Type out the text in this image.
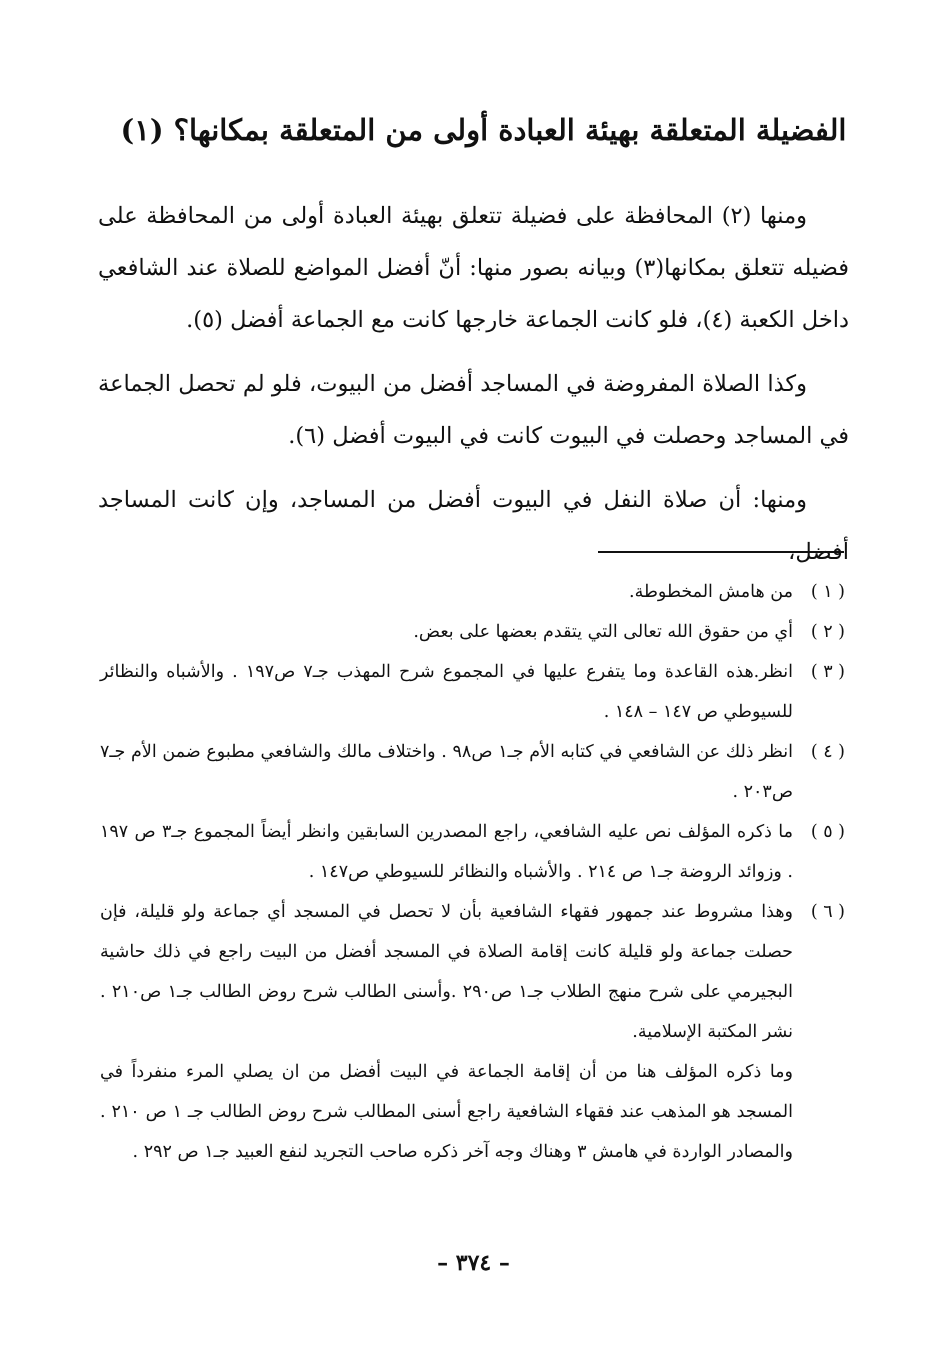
الفضيلة المتعلقة بهيئة العبادة أولى من المتعلقة بمكانها؟ (١)

ومنها (٢) المحافظة على فضيلة تتعلق بهيئة العبادة أولى من المحافظة على فضيله تتعلق بمكانها(٣) وبيانه بصور منها: أنّ أفضل المواضع للصلاة عند الشافعي داخل الكعبة (٤)، فلو كانت الجماعة خارجها كانت مع الجماعة أفضل (٥).

وكذا الصلاة المفروضة في المساجد أفضل من البيوت، فلو لم تحصل الجماعة في المساجد وحصلت في البيوت كانت في البيوت أفضل (٦).

ومنها: أن صلاة النفل في البيوت أفضل من المساجد، وإن كانت المساجد أفضل،

( ١ )
من هامش المخطوطة.
( ٢ )
أي من حقوق الله تعالى التي يتقدم بعضها على بعض.
( ٣ )
انظر.هذه القاعدة وما يتفرع عليها في المجموع شرح المهذب جـ٧ ص١٩٧ . والأشباه والنظائر للسيوطي ص ١٤٧ – ١٤٨ .
( ٤ )
انظر ذلك عن الشافعي في كتابه الأم جـ١ ص٩٨ . واختلاف مالك والشافعي مطبوع ضمن الأم جـ٧ ص٢٠٣ .
( ٥ )
ما ذكره المؤلف نص عليه الشافعي، راجع المصدرين السابقين وانظر أيضاً المجموع جـ٣ ص ١٩٧ . وزوائد الروضة جـ١ ص ٢١٤ . والأشباه والنظائر للسيوطي ص١٤٧ .
( ٦ )
وهذا مشروط عند جمهور فقهاء الشافعية بأن لا تحصل في المسجد أي جماعة ولو قليلة، فإن حصلت جماعة ولو قليلة كانت إقامة الصلاة في المسجد أفضل من البيت راجع في ذلك حاشية البجيرمي على شرح منهج الطلاب جـ١ ص٢٩٠ .وأسنى الطالب شرح روض الطالب جـ١ ص٢١٠ . نشر المكتبة الإسلامية.
وما ذكره المؤلف هنا من أن إقامة الجماعة في البيت أفضل من ان يصلي المرء منفرداً في المسجد هو المذهب عند فقهاء الشافعية راجع أسنى المطالب شرح روض الطالب جـ ١ ص ٢١٠ . والمصادر الواردة في هامش ٣ وهناك وجه آخر ذكره صاحب التجريد لنفع العبيد جـ١ ص ٢٩٢ .
– ٣٧٤ –
